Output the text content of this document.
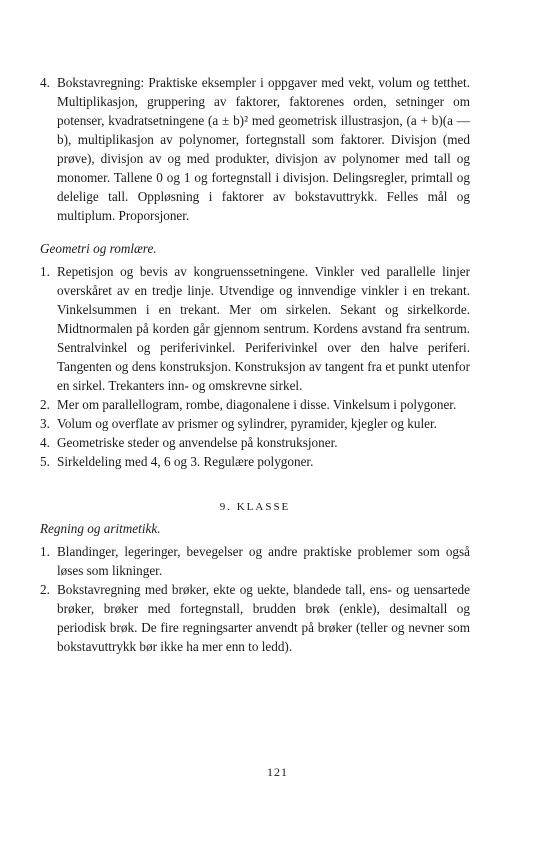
4. Bokstavregning: Praktiske eksempler i oppgaver med vekt, volum og tetthet. Multiplikasjon, gruppering av faktorer, faktorenes orden, setninger om potenser, kvadratsetningene (a ± b)² med geometrisk illustrasjon, (a + b)(a — b), multiplikasjon av polynomer, fortegnstall som faktorer. Divisjon (med prøve), divisjon av og med produkter, divisjon av polynomer med tall og monomer. Tallene 0 og 1 og fortegnstall i divisjon. Delingsregler, primtall og delelige tall. Oppløsning i faktorer av bokstavuttrykk. Felles mål og multiplum. Proporsjoner.
Geometri og romlære.
1. Repetisjon og bevis av kongruenssetningene. Vinkler ved parallelle linjer overskåret av en tredje linje. Utvendige og innvendige vinkler i en trekant. Vinkelsummen i en trekant. Mer om sirkelen. Sekant og sirkelkorde. Midtnormalen på korden går gjennom sentrum. Kordens avstand fra sentrum. Sentralvinkel og periferivinkel. Periferivinkel over den halve periferi. Tangenten og dens konstruksjon. Konstruksjon av tangent fra et punkt utenfor en sirkel. Trekanters inn- og omskrevne sirkel.
2. Mer om parallellogram, rombe, diagonalene i disse. Vinkelsum i polygoner.
3. Volum og overflate av prismer og sylindrer, pyramider, kjegler og kuler.
4. Geometriske steder og anvendelse på konstruksjoner.
5. Sirkeldeling med 4, 6 og 3. Regulære polygoner.
9. KLASSE
Regning og aritmetikk.
1. Blandinger, legeringer, bevegelser og andre praktiske problemer som også løses som likninger.
2. Bokstavregning med brøker, ekte og uekte, blandede tall, ens- og uensartede brøker, brøker med fortegnstall, brudden brøk (enkle), desimaltall og periodisk brøk. De fire regningsarter anvendt på brøker (teller og nevner som bokstavuttrykk bør ikke ha mer enn to ledd).
121
